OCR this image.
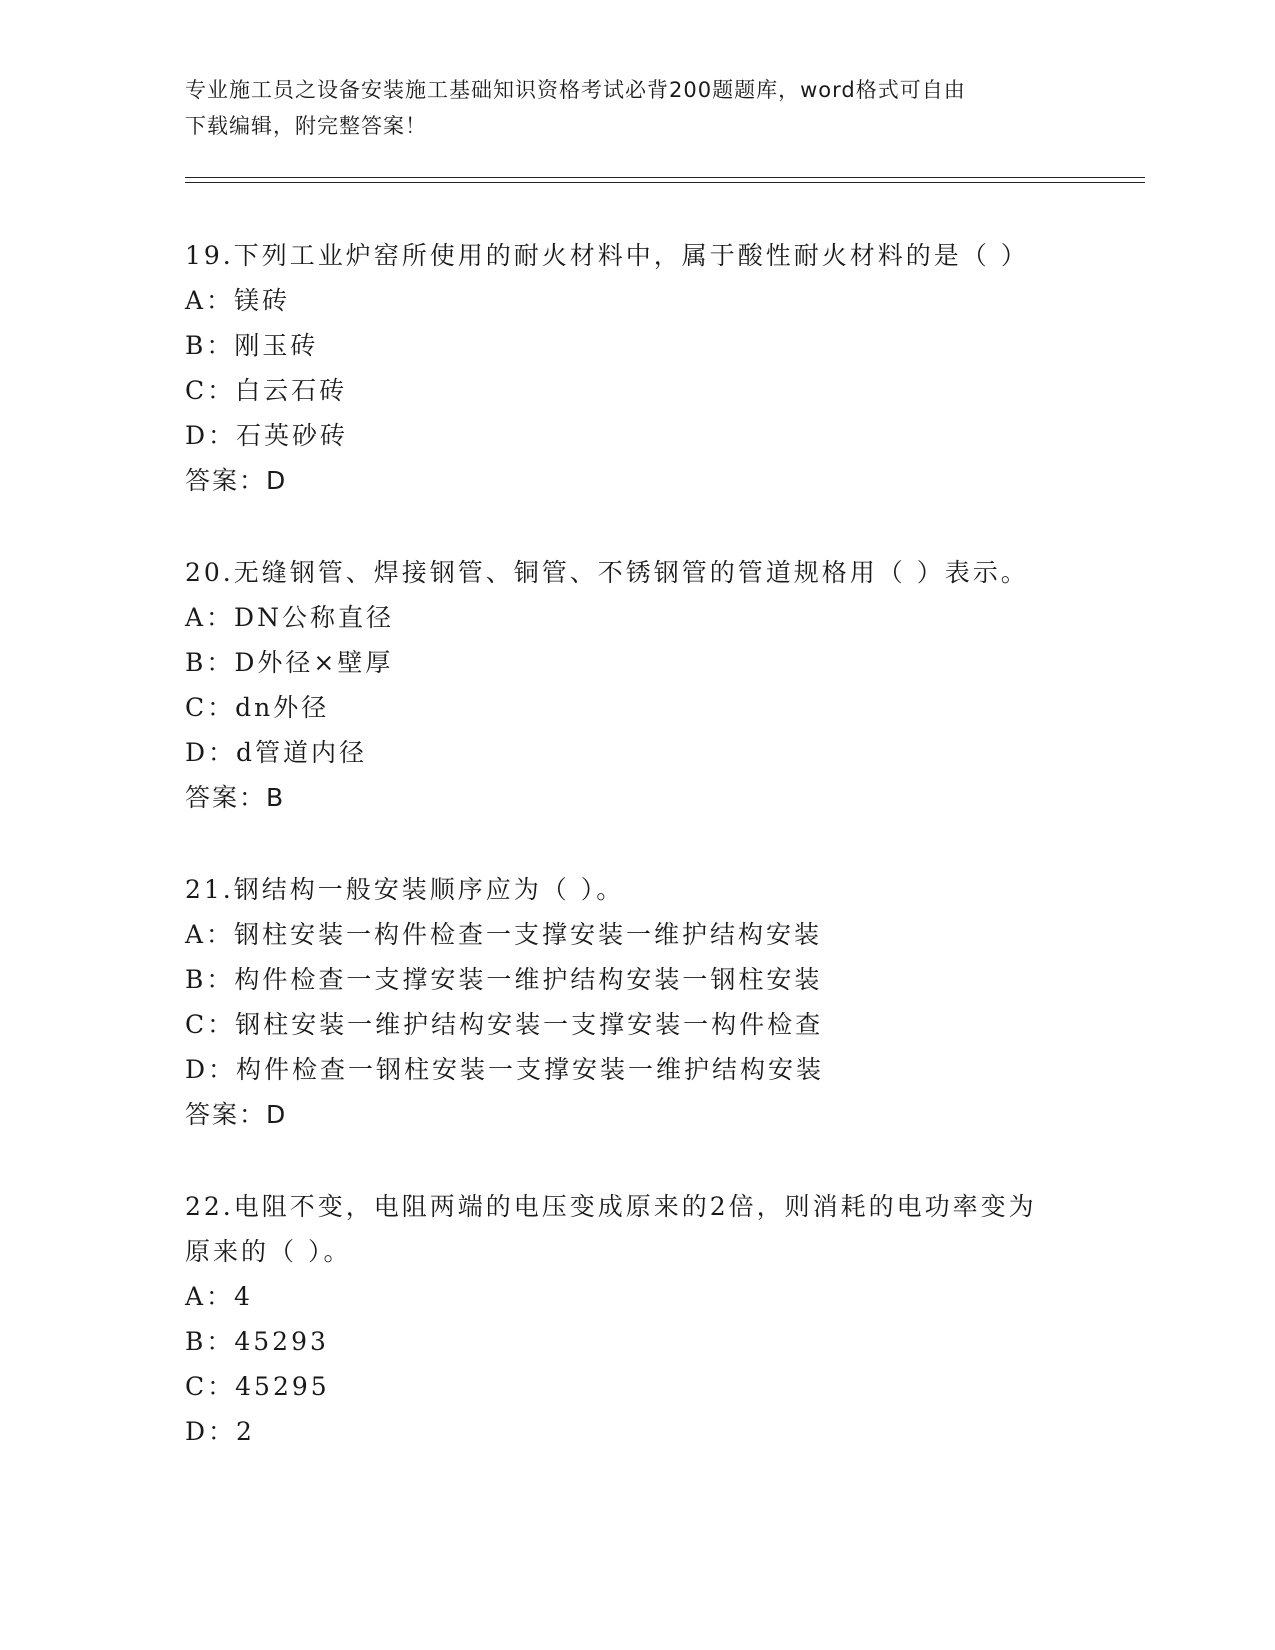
专业施工员之设备安装施工基础知识资格考试必背200题题库，word格式可自由
下载编辑，附完整答案！
19.下列工业炉窑所使用的耐火材料中，属于酸性耐火材料的是（ ）
A：镁砖
B：刚玉砖
C：白云石砖
D：石英砂砖
答案：D
20.无缝钢管、焊接钢管、铜管、不锈钢管的管道规格用（ ）表示。
A：DN公称直径
B：D外径×壁厚
C：dn外径
D：d管道内径
答案：B
21.钢结构一般安装顺序应为（ ）。
A：钢柱安装一构件检查一支撑安装一维护结构安装
B：构件检查一支撑安装一维护结构安装一钢柱安装
C：钢柱安装一维护结构安装一支撑安装一构件检查
D：构件检查一钢柱安装一支撑安装一维护结构安装
答案：D
22.电阻不变，电阻两端的电压变成原来的2倍，则消耗的电功率变为
原来的（ ）。
A：4
B：45293
C：45295
D：2
